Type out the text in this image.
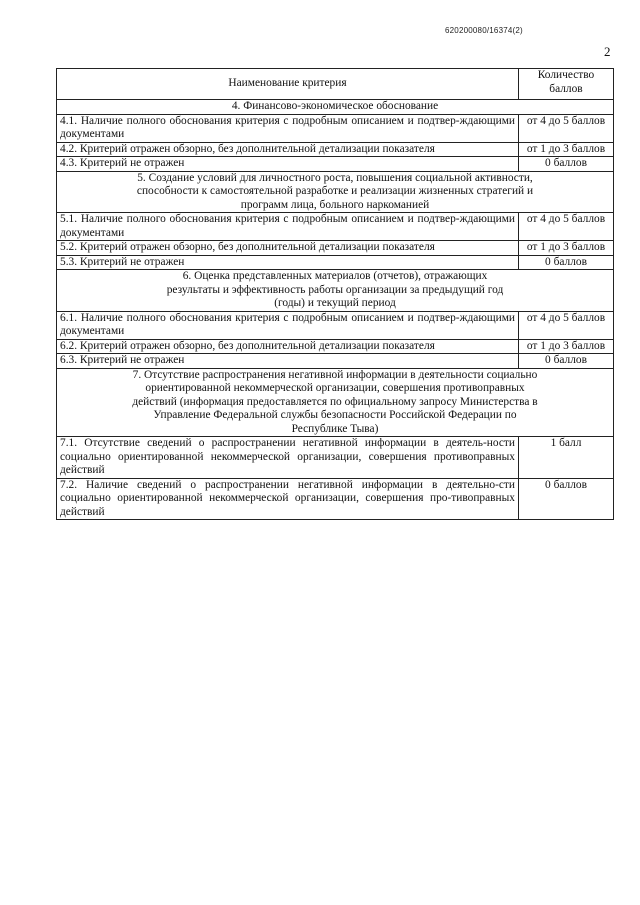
620200080/16374(2)
2
Наименование критерия	Количество баллов
4. Финансово-экономическое обоснование	
4.1. Наличие полного обоснования критерия с подробным описанием и подтвер-ждающими документами	от 4 до 5 баллов
4.2. Критерий отражен обзорно, без дополнительной детализации показателя	от 1 до 3 баллов
4.3. Критерий не отражен	0 баллов

5. Создание условий для личностного роста, повышения социальной активности, способности к самостоятельной разработке и реализации жизненных стратегий и программ лица, больного наркоманией	

5.1. Наличие полного обоснования критерия с подробным описанием и подтвер-ждающими документами	от 4 до 5 баллов
5.2. Критерий отражен обзорно, без дополнительной детализации показателя	от 1 до 3 баллов
5.3. Критерий не отражен	0 баллов

6. Оценка представленных материалов (отчетов), отражающих результаты и эффективность работы организации за предыдущий год (годы) и текущий период	

6.1. Наличие полного обоснования критерия с подробным описанием и подтвер-ждающими документами	от 4 до 5 баллов
6.2. Критерий отражен обзорно, без дополнительной детализации показателя	от 1 до 3 баллов
6.3. Критерий не отражен	0 баллов

7. Отсутствие распространения негативной информации в деятельности социально ориентированной некоммерческой организации, совершения противоправных действий (информация предоставляется по официальному запросу Министерства в Управление Федеральной службы безопасности Российской Федерации по Республике Тыва)	

7.1. Отсутствие сведений о распространении негативной информации в деятель-ности социально ориентированной некоммерческой организации, совершения противоправных действий	1 балл
7.2. Наличие сведений о распространении негативной информации в деятельно-сти социально ориентированной некоммерческой организации, совершения про-тивоправных действий	0 баллов
